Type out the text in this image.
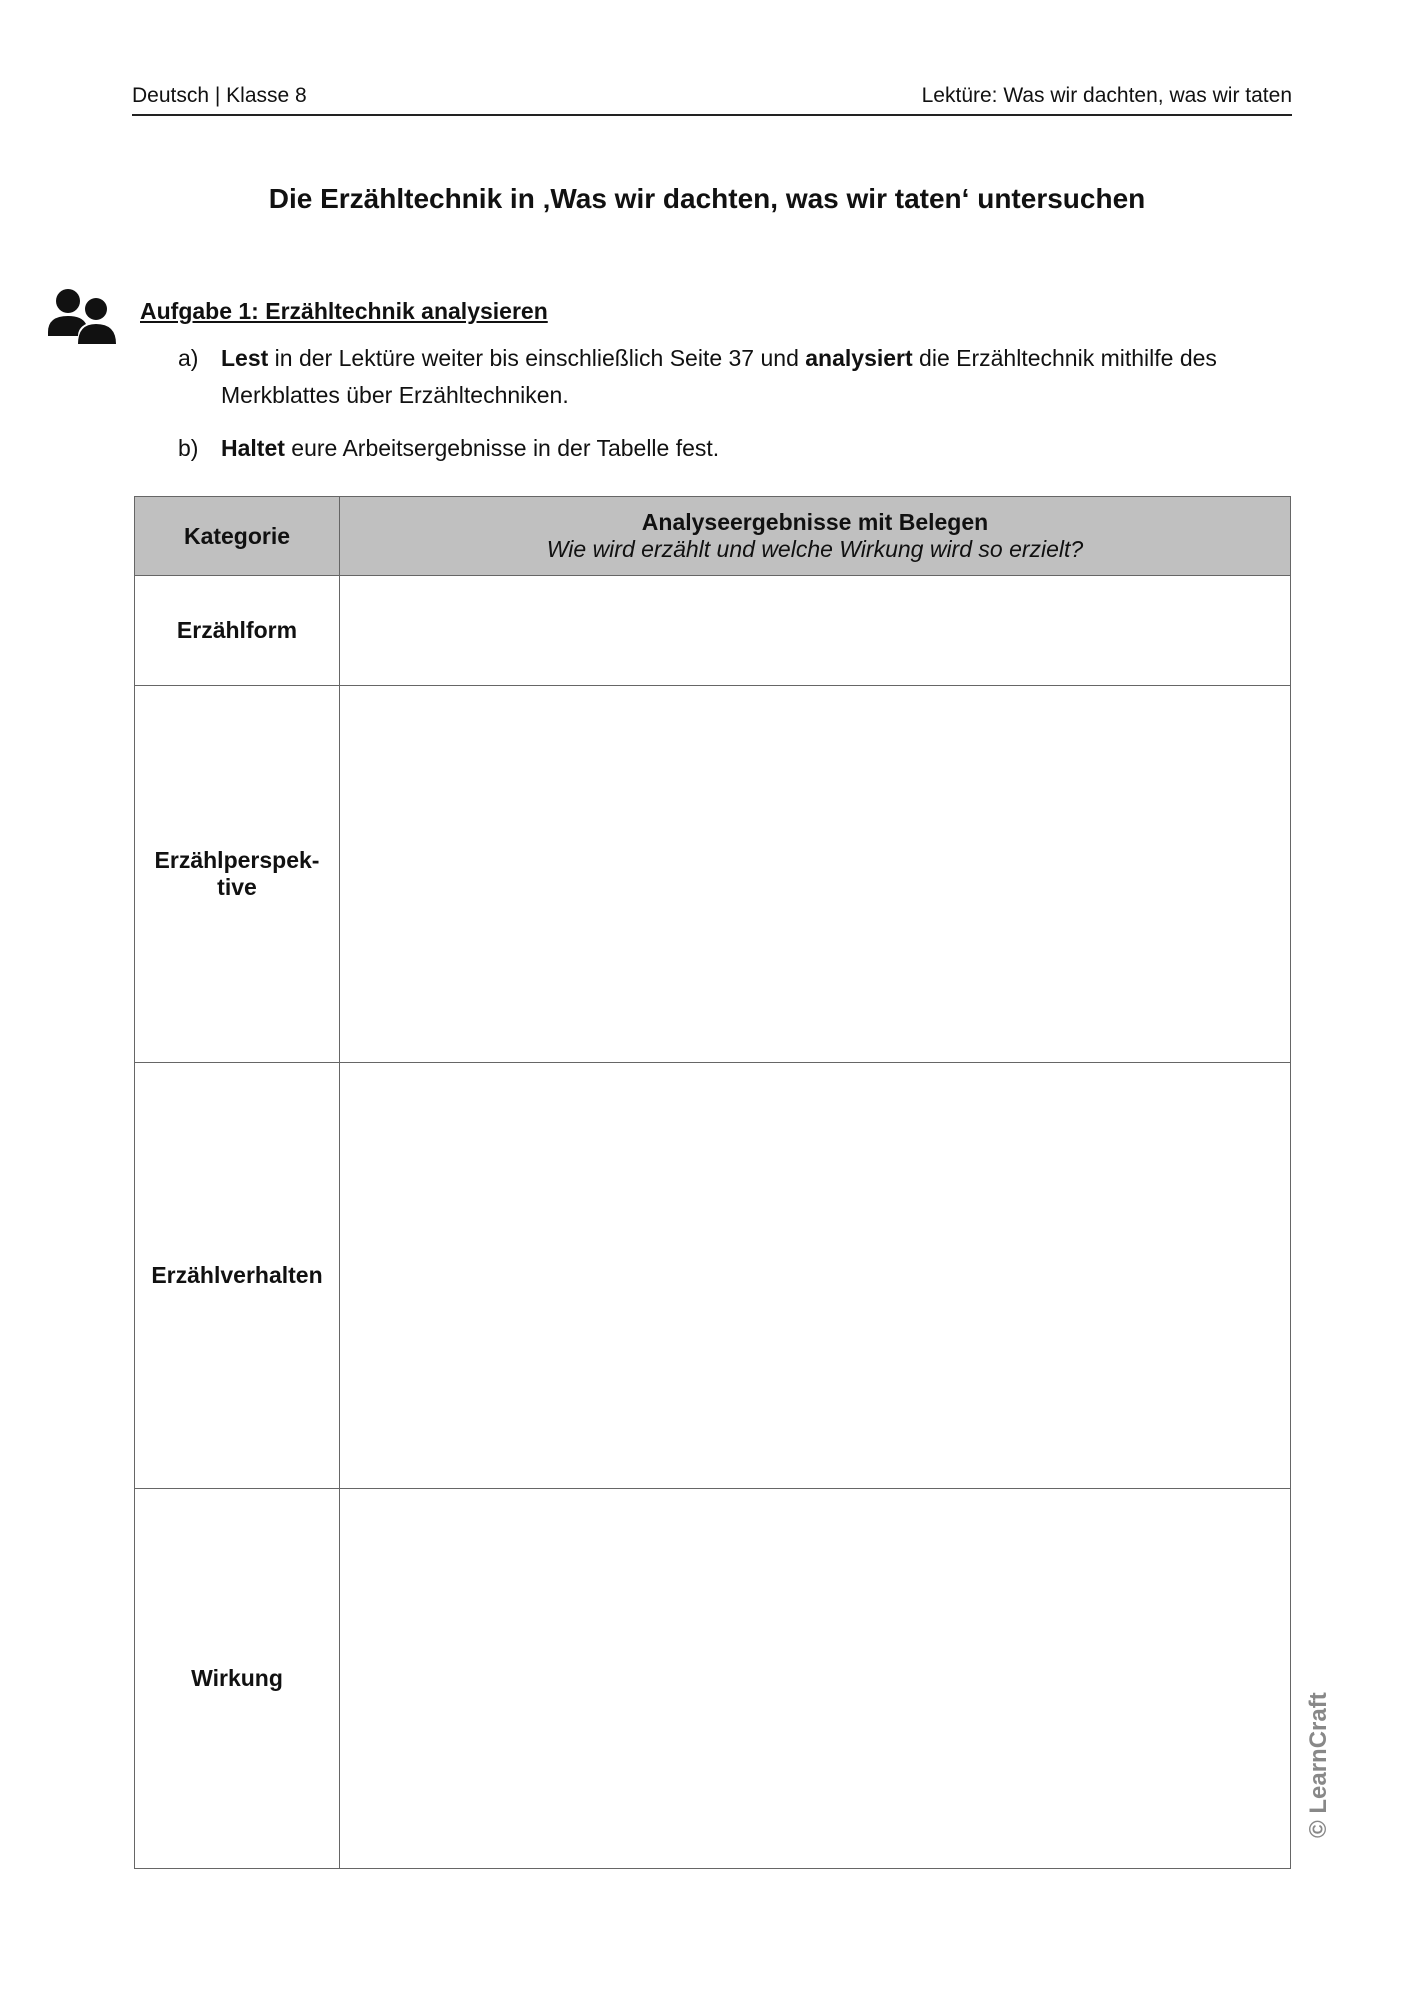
Deutsch | Klasse 8	Lektüre: Was wir dachten, was wir taten
Die Erzähltechnik in ‚Was wir dachten, was wir taten‘ untersuchen
Aufgabe 1: Erzähltechnik analysieren
a) Lest in der Lektüre weiter bis einschließlich Seite 37 und analysiert die Erzähltechnik mithilfe des Merkblattes über Erzähltechniken.
b) Haltet eure Arbeitsergebnisse in der Tabelle fest.
Kategorie	Analyseergebnisse mit Belegen
Wie wird erzählt und welche Wirkung wird so erzielt?

Erzählform	
Erzählperspek-
tive	
Erzählverhalten	
Wirkung	
© LearnCraft
